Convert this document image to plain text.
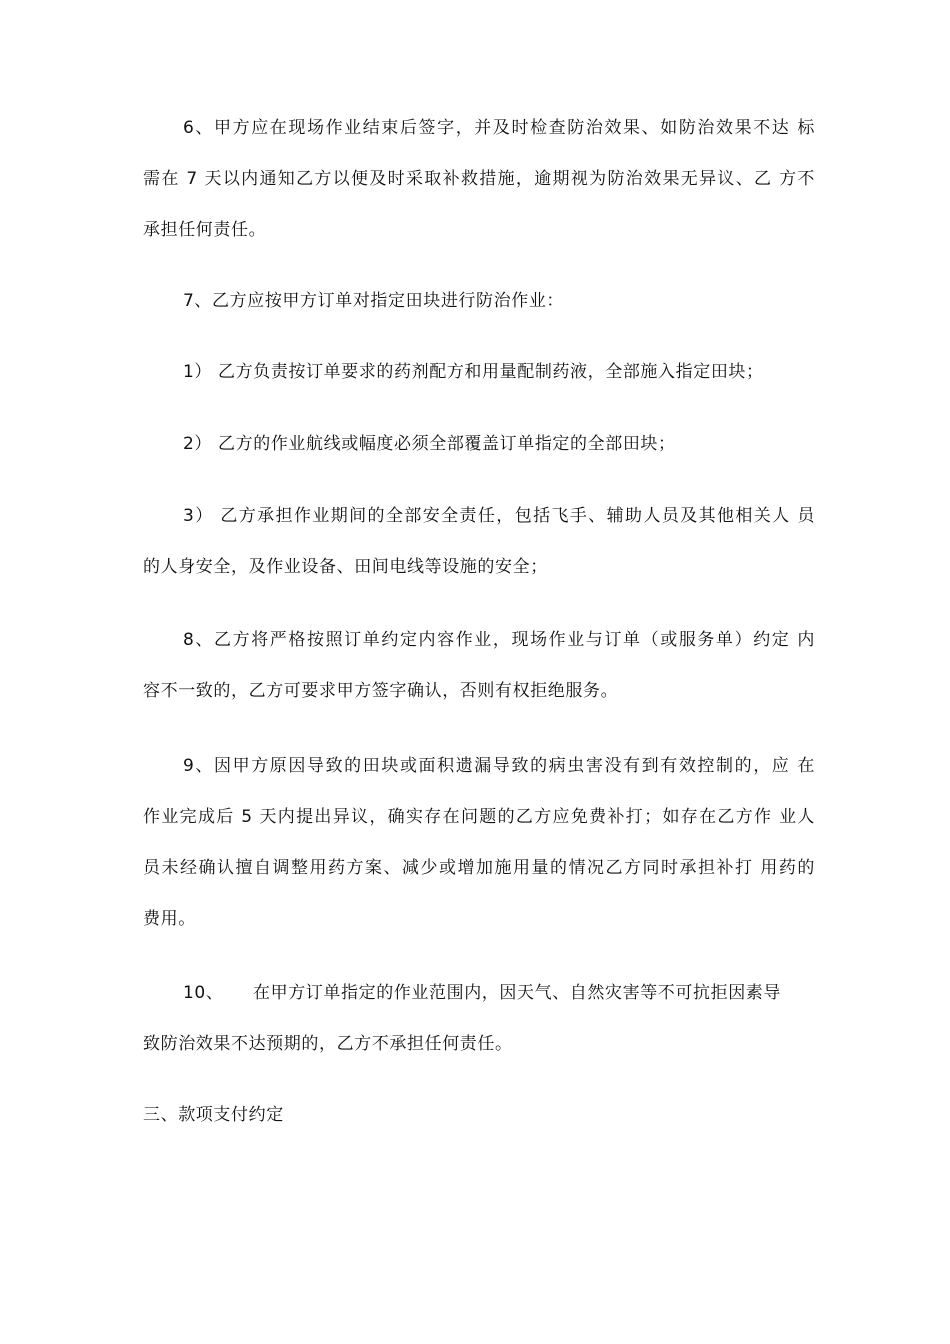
6、甲方应在现场作业结束后签字，并及时检查防治效果、如防治效果不达 标
需在 7 天以内通知乙方以便及时采取补救措施，逾期视为防治效果无异议、乙 方不
承担任何责任。
7、乙方应按甲方订单对指定田块进行防治作业：
1） 乙方负责按订单要求的药剂配方和用量配制药液，全部施入指定田块；
2） 乙方的作业航线或幅度必须全部覆盖订单指定的全部田块；
3） 乙方承担作业期间的全部安全责任，包括飞手、辅助人员及其他相关人 员
的人身安全，及作业设备、田间电线等设施的安全；
8、乙方将严格按照订单约定内容作业，现场作业与订单（或服务单）约定 内
容不一致的，乙方可要求甲方签字确认，否则有权拒绝服务。
9、因甲方原因导致的田块或面积遗漏导致的病虫害没有到有效控制的，应 在
作业完成后 5 天内提出异议，确实存在问题的乙方应免费补打；如存在乙方作 业人
员未经确认擅自调整用药方案、减少或增加施用量的情况乙方同时承担补打 用药的
费用。
10、 在甲方订单指定的作业范围内，因天气、自然灾害等不可抗拒因素导
致防治效果不达预期的，乙方不承担任何责任。
三、款项支付约定
